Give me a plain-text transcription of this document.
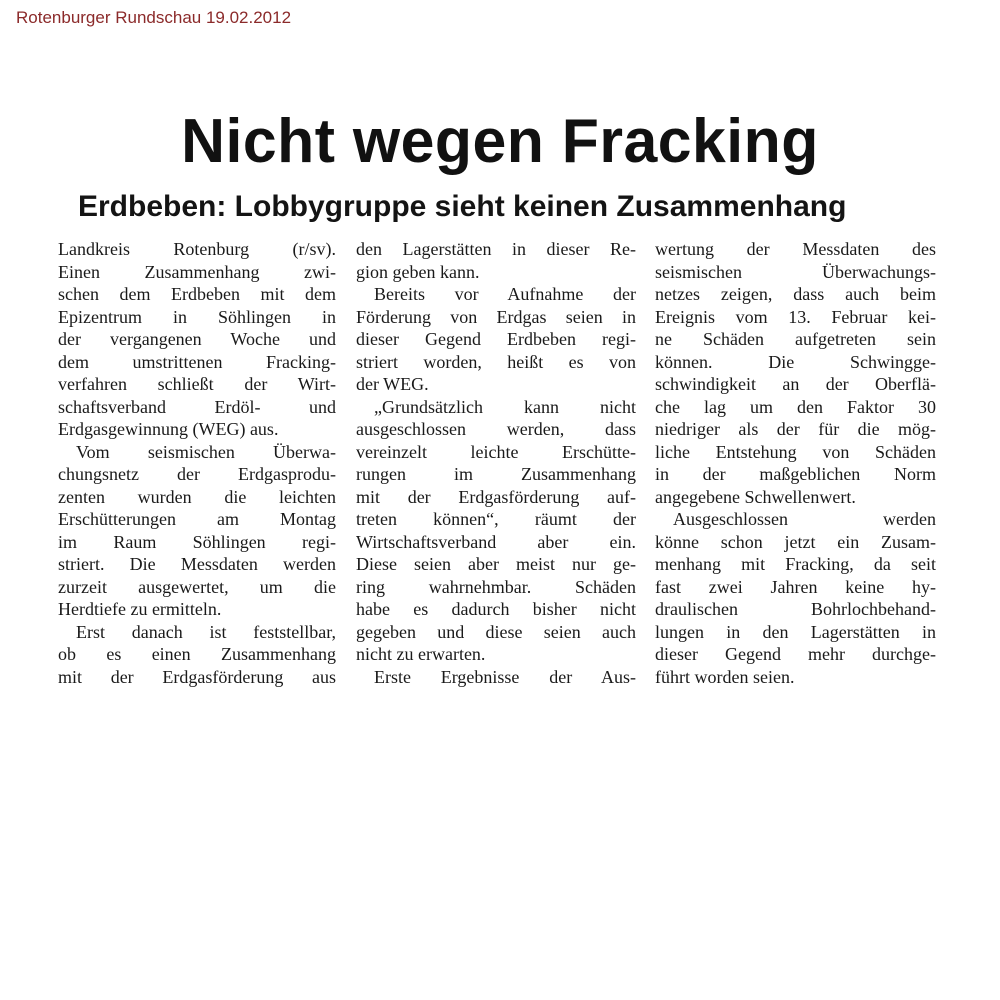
Rotenburger Rundschau 19.02.2012
Nicht wegen Fracking
Erdbeben: Lobbygruppe sieht keinen Zusammenhang
Landkreis Rotenburg (r/sv).
Einen Zusammenhang zwi-
schen dem Erdbeben mit dem
Epizentrum in Söhlingen in
der vergangenen Woche und
dem umstrittenen Fracking-
verfahren schließt der Wirt-
schaftsverband Erdöl- und
Erdgasgewinnung (WEG) aus.
Vom seismischen Überwa-
chungsnetz der Erdgasprodu-
zenten wurden die leichten
Erschütterungen am Montag
im Raum Söhlingen regi-
striert. Die Messdaten werden
zurzeit ausgewertet, um die
Herdtiefe zu ermitteln.
Erst danach ist feststellbar,
ob es einen Zusammenhang
mit der Erdgasförderung aus
den Lagerstätten in dieser Re-
gion geben kann.
Bereits vor Aufnahme der
Förderung von Erdgas seien in
dieser Gegend Erdbeben regi-
striert worden, heißt es von
der WEG.
„Grundsätzlich kann nicht
ausgeschlossen werden, dass
vereinzelt leichte Erschütte-
rungen im Zusammenhang
mit der Erdgasförderung auf-
treten können“, räumt der
Wirtschaftsverband aber ein.
Diese seien aber meist nur ge-
ring wahrnehmbar. Schäden
habe es dadurch bisher nicht
gegeben und diese seien auch
nicht zu erwarten.
Erste Ergebnisse der Aus-
wertung der Messdaten des
seismischen Überwachungs-
netzes zeigen, dass auch beim
Ereignis vom 13. Februar kei-
ne Schäden aufgetreten sein
können. Die Schwingge-
schwindigkeit an der Oberflä-
che lag um den Faktor 30
niedriger als der für die mög-
liche Entstehung von Schäden
in der maßgeblichen Norm
angegebene Schwellenwert.
Ausgeschlossen werden
könne schon jetzt ein Zusam-
menhang mit Fracking, da seit
fast zwei Jahren keine hy-
draulischen Bohrlochbehand-
lungen in den Lagerstätten in
dieser Gegend mehr durchge-
führt worden seien.
